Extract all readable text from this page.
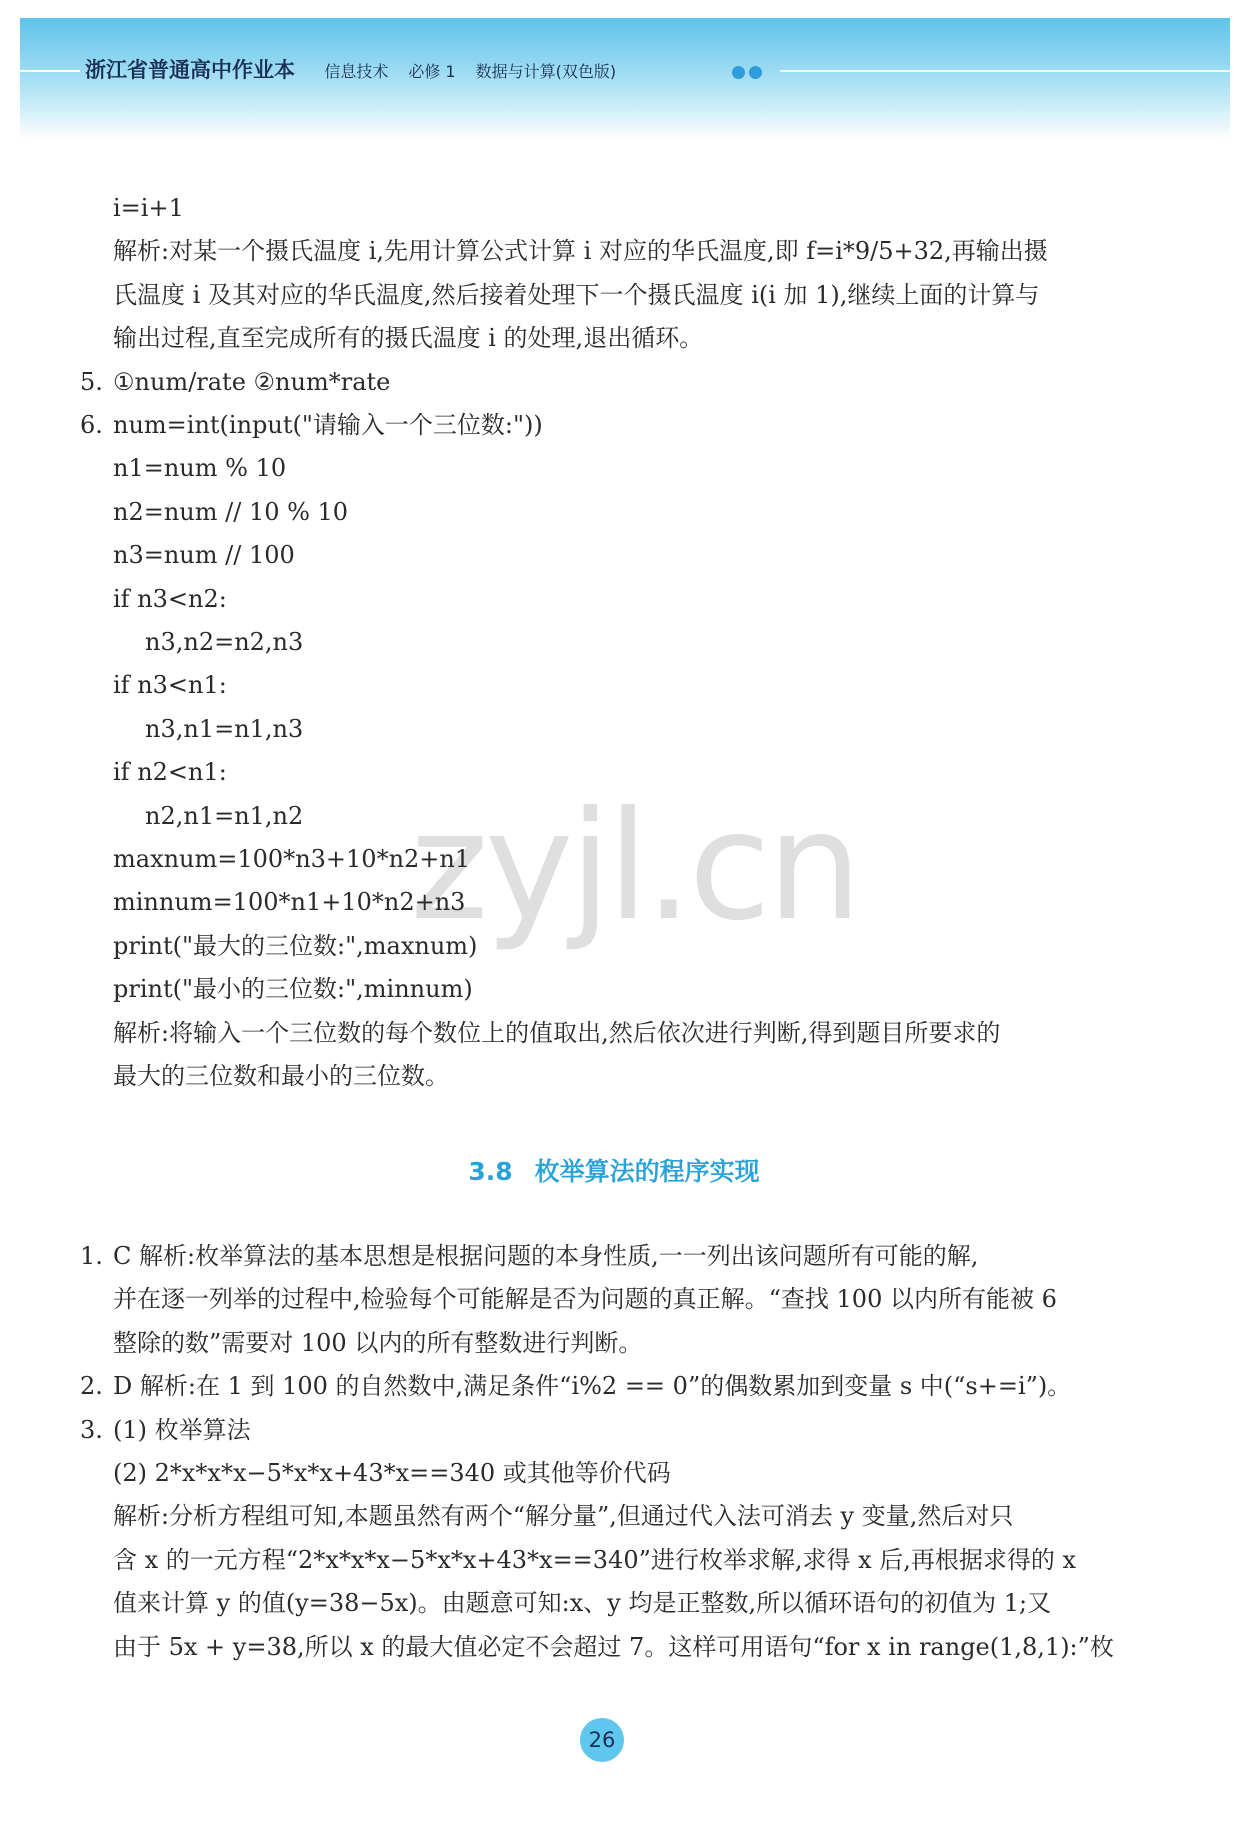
浙江省普通高中作业本 信息技术 必修 1 数据与计算(双色版)
zyjl.cn
i=i+1
解析:对某一个摄氏温度 i,先用计算公式计算 i 对应的华氏温度,即 f=i*9/5+32,再输出摄
氏温度 i 及其对应的华氏温度,然后接着处理下一个摄氏温度 i(i 加 1),继续上面的计算与
输出过程,直至完成所有的摄氏温度 i 的处理,退出循环。
5. ①num/rate ②num*rate
6. num=int(input("请输入一个三位数:"))
n1=num % 10
n2=num // 10 % 10
n3=num // 100
if n3<n2:
n3,n2=n2,n3
if n3<n1:
n3,n1=n1,n3
if n2<n1:
n2,n1=n1,n2
maxnum=100*n3+10*n2+n1
minnum=100*n1+10*n2+n3
print("最大的三位数:",maxnum)
print("最小的三位数:",minnum)
解析:将输入一个三位数的每个数位上的值取出,然后依次进行判断,得到题目所要求的
最大的三位数和最小的三位数。
3.8 枚举算法的程序实现
1. C 解析:枚举算法的基本思想是根据问题的本身性质,一一列出该问题所有可能的解,
并在逐一列举的过程中,检验每个可能解是否为问题的真正解。“查找 100 以内所有能被 6
整除的数”需要对 100 以内的所有整数进行判断。
2. D 解析:在 1 到 100 的自然数中,满足条件“i%2 == 0”的偶数累加到变量 s 中(“s+=i”)。
3. (1) 枚举算法
(2) 2*x*x*x−5*x*x+43*x==340 或其他等价代码
解析:分析方程组可知,本题虽然有两个“解分量”,但通过代入法可消去 y 变量,然后对只
含 x 的一元方程“2*x*x*x−5*x*x+43*x==340”进行枚举求解,求得 x 后,再根据求得的 x
值来计算 y 的值(y=38−5x)。由题意可知:x、y 均是正整数,所以循环语句的初值为 1;又
由于 5x + y=38,所以 x 的最大值必定不会超过 7。这样可用语句“for x in range(1,8,1):”枚
26
